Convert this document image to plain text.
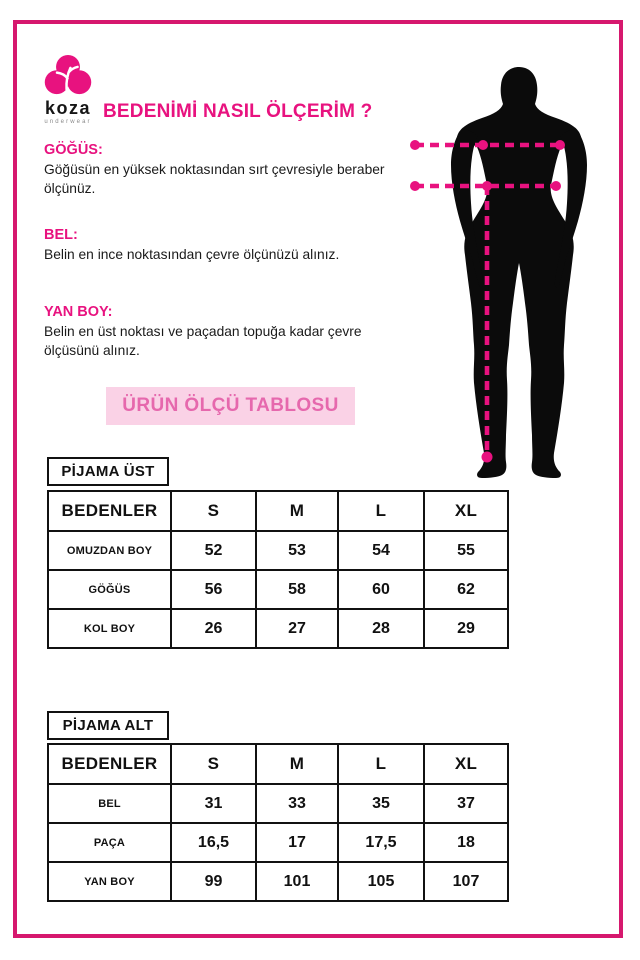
koza
underwear BEDENİMİ NASIL ÖLÇERİM ?
GÖĞÜS:

Göğüsün en yüksek noktasından sırt çevresiyle beraber ölçünüz.

BEL:

Belin en ince noktasından çevre ölçünüzü alınız.

YAN BOY:

Belin en üst noktası ve paçadan topuğa kadar çevre ölçüsünü alınız.

ÜRÜN ÖLÇÜ TABLOSU
PİJAMA ÜST
PİJAMA ALT
BEDENLER	S	M	L	XL
OMUZDAN BOY	52	53	54	55
GÖĞÜS	56	58	60	62
KOL BOY	26	27	28	29
BEDENLER	S	M	L	XL
BEL	31	33	35	37
PAÇA	16,5	17	17,5	18
YAN BOY	99	101	105	107
